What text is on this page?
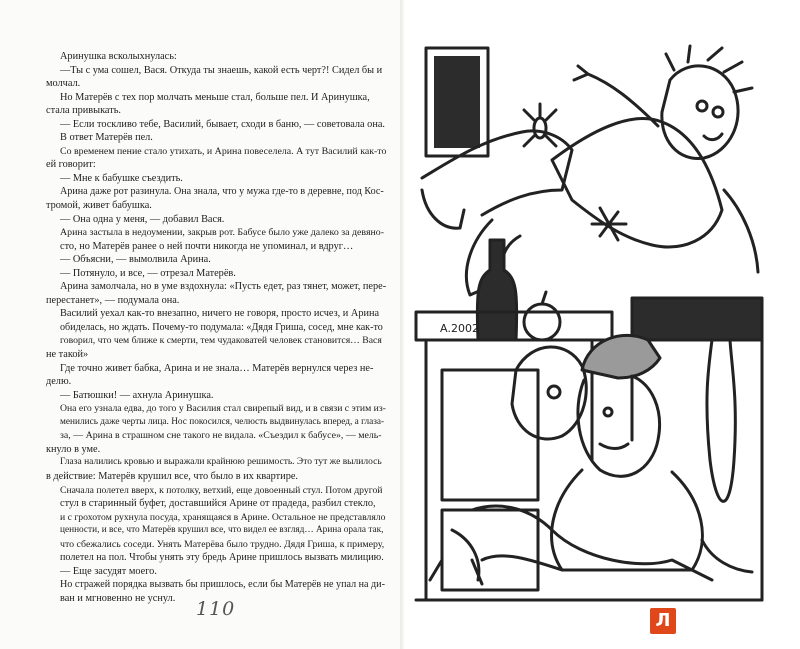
Аринушка всколыхнулась:

—Ты с ума сошел, Вася. Откуда ты знаешь, какой есть черт?! Сидел бы и

молчал.

Но Матерёв с тех пор молчать меньше стал, больше пел. И Аринушка,

стала привыкать.

— Если тоскливо тебе, Василий, бывает, сходи в баню, — советовала она.

В ответ Матерёв пел.

Со временем пение стало утихать, и Арина повеселела. А тут Василий как-то

ей говорит:

— Мне к бабушке съездить.

Арина даже рот разинула. Она знала, что у мужа где-то в деревне, под Кос-

тромой, живет бабушка.

— Она одна у меня, — добавил Вася.

Арина застыла в недоумении, закрыв рот. Бабусе было уже далеко за девяно-

сто, но Матерёв ранее о ней почти никогда не упоминал, и вдруг…

— Объясни, — вымолвила Арина.

— Потянуло, и все, — отрезал Матерёв.

Арина замолчала, но в уме вздохнула: «Пусть едет, раз тянет, может, пере-

перестанет», — подумала она.

Василий уехал как-то внезапно, ничего не говоря, просто исчез, и Арина

обиделась, но ждать. Почему-то подумала: «Дядя Гриша, сосед, мне как-то

говорил, что чем ближе к смерти, тем чудаковатей человек становится… Вася

не такой»

Где точно живет бабка, Арина и не знала… Матерёв вернулся через не-

делю.

— Батюшки! — ахнула Аринушка.

Она его узнала едва, до того у Василия стал свирепый вид, и в связи с этим из-

менились даже черты лица. Нос покосился, челюсть выдвинулась вперед, а глаза-

за, — Арина в страшном сне такого не видала. «Съездил к бабусе», — мель-

кнуло в уме.

Глаза налились кровью и выражали крайнюю решимость. Это тут же вылилось

в действие: Матерёв крушил все, что было в их квартире.

Сначала полетел вверх, к потолку, ветхий, еще довоенный стул. Потом другой

стул в старинный буфет, доставшийся Арине от прадеда, разбил стекло,

и с грохотом рухнула посуда, хранящаяся в Арине. Остальное не представляло

ценности, и все, что Матерёв крушил все, что видел ее взгляд… Арина орала так,

что сбежались соседи. Унять Матерёва было трудно. Дядя Гриша, к примеру,

полетел на пол. Чтобы унять эту бредь Арине пришлось вызвать милицию.

— Еще засудят моего.

Но стражей порядка вызвать бы пришлось, если бы Матерёв не упал на ди-

ван и мгновенно не уснул.	110
А.2002
Л
